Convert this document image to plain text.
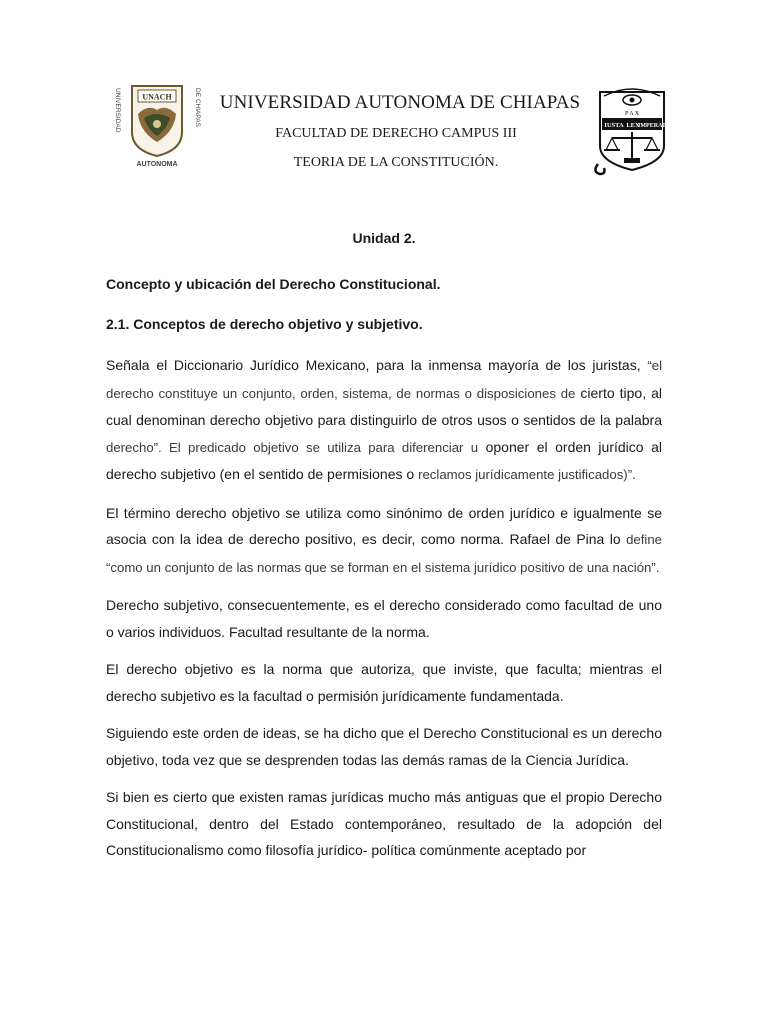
UNIVERSIDAD	DE CHIAPAS
UNACH
AUTONOMA
UNIVERSIDAD AUTONOMA DE CHIAPAS
FACULTAD DE DERECHO CAMPUS III
TEORIA DE LA CONSTITUCIÓN.
P A X
IUSTA LEX
IMPERAT

Unidad 2.

Concepto y ubicación del Derecho Constitucional.

2.1. Conceptos de derecho objetivo y subjetivo.

Señala el Diccionario Jurídico Mexicano, para la inmensa mayoría de los juristas, “el derecho constituye un conjunto, orden, sistema, de normas o disposiciones de cierto tipo, al cual denominan derecho objetivo para distinguirlo de otros usos o sentidos de la palabra derecho”. El predicado objetivo se utiliza para diferenciar u oponer el orden jurídico al derecho subjetivo (en el sentido de permisiones o reclamos jurídicamente justificados)”.

El término derecho objetivo se utiliza como sinónimo de orden jurídico e igualmente se asocia con la idea de derecho positivo, es decir, como norma. Rafael de Pina lo define “como un conjunto de las normas que se forman en el sistema jurídico positivo de una nación”.

Derecho subjetivo, consecuentemente, es el derecho considerado como facultad de uno o varios individuos. Facultad resultante de la norma.

El derecho objetivo es la norma que autoriza, que inviste, que faculta; mientras el derecho subjetivo es la facultad o permisión jurídicamente fundamentada.

Siguiendo este orden de ideas, se ha dicho que el Derecho Constitucional es un derecho objetivo, toda vez que se desprenden todas las demás ramas de la Ciencia Jurídica.

Si bien es cierto que existen ramas jurídicas mucho más antiguas que el propio Derecho Constitucional, dentro del Estado contemporáneo, resultado de la adopción del Constitucionalismo como filosofía jurídico- política comúnmente aceptado por
